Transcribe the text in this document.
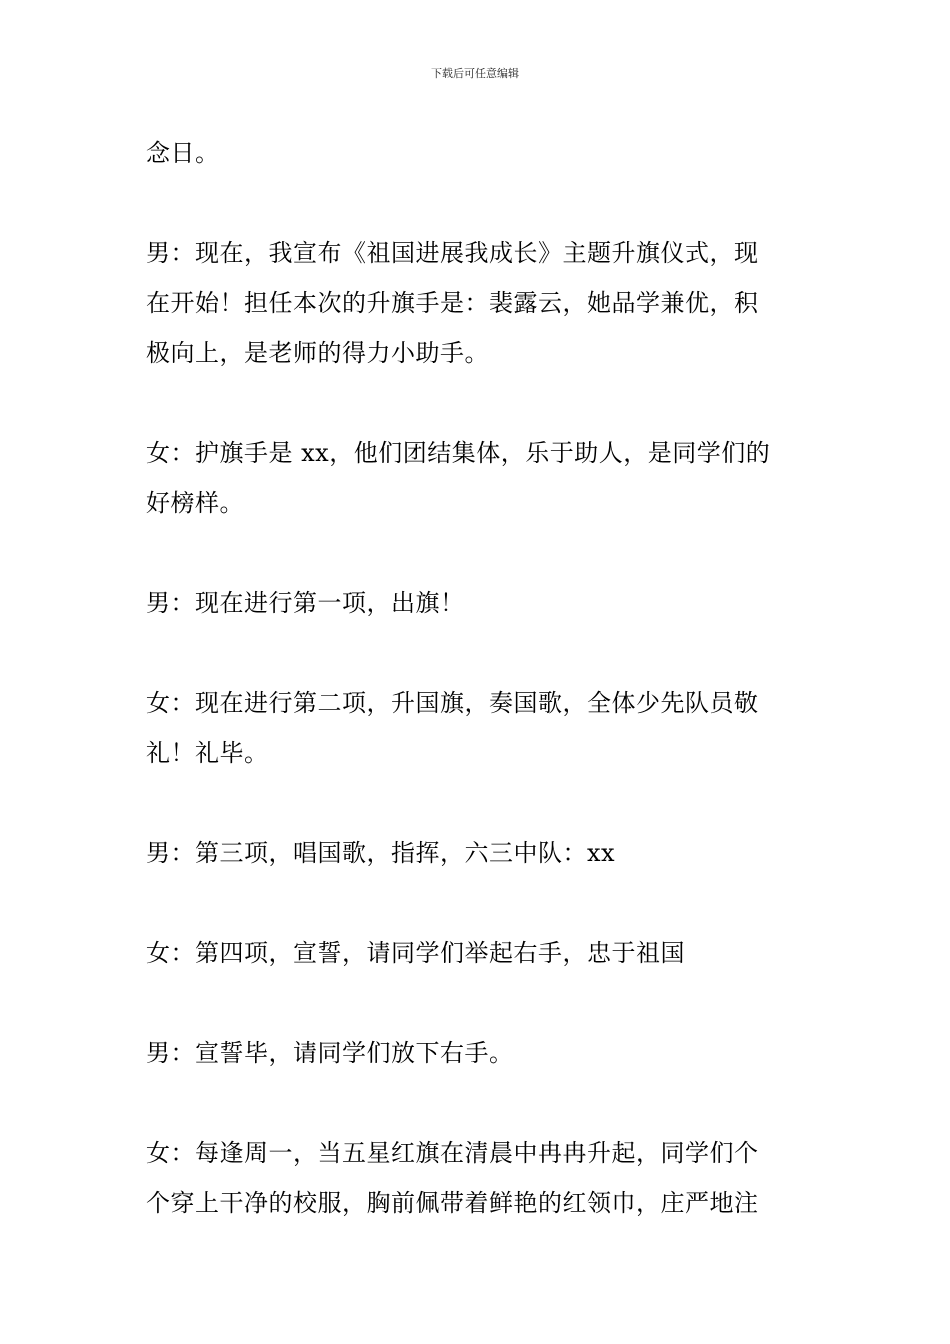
下载后可任意编辑

念日。

男：现在，我宣布《祖国进展我成长》主题升旗仪式，现
在开始！担任本次的升旗手是：裴露云，她品学兼优，积
极向上，是老师的得力小助手。

女：护旗手是 xx，他们团结集体，乐于助人，是同学们的
好榜样。

男：现在进行第一项，出旗！

女：现在进行第二项，升国旗，奏国歌，全体少先队员敬
礼！礼毕。

男：第三项，唱国歌，指挥，六三中队：xx

女：第四项，宣誓，请同学们举起右手，忠于祖国

男：宣誓毕，请同学们放下右手。

女：每逢周一，当五星红旗在清晨中冉冉升起，同学们个
个穿上干净的校服，胸前佩带着鲜艳的红领巾，庄严地注
